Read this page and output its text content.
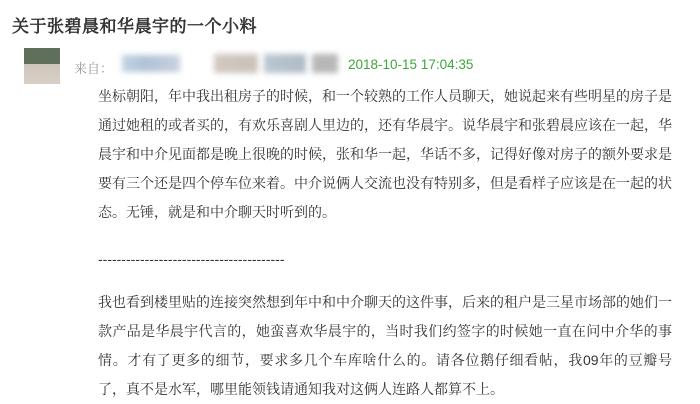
关于张碧晨和华晨宇的一个小料
来自：	2018-10-15 17:04:35

坐标朝阳，年中我出租房子的时候，和一个较熟的工作人员聊天，她说起来有些明星的房子是通过她租的或者买的，有欢乐喜剧人里边的，还有华晨宇。说华晨宇和张碧晨应该在一起，华晨宇和中介见面都是晚上很晚的时候，张和华一起，华话不多，记得好像对房子的额外要求是要有三个还是四个停车位来着。中介说俩人交流也没有特别多，但是看样子应该是在一起的状态。无锤，就是和中介聊天时听到的。

----------------------------------------

我也看到楼里贴的连接突然想到年中和中介聊天的这件事，后来的租户是三星市场部的她们一款产品是华晨宇代言的，她蛮喜欢华晨宇的，当时我们约签字的时候她一直在问中介华的事情。才有了更多的细节，要求多几个车库啥什么的。请各位鹅仔细看帖，我09年的豆瓣号了，真不是水军，哪里能领钱请通知我对这俩人连路人都算不上。
